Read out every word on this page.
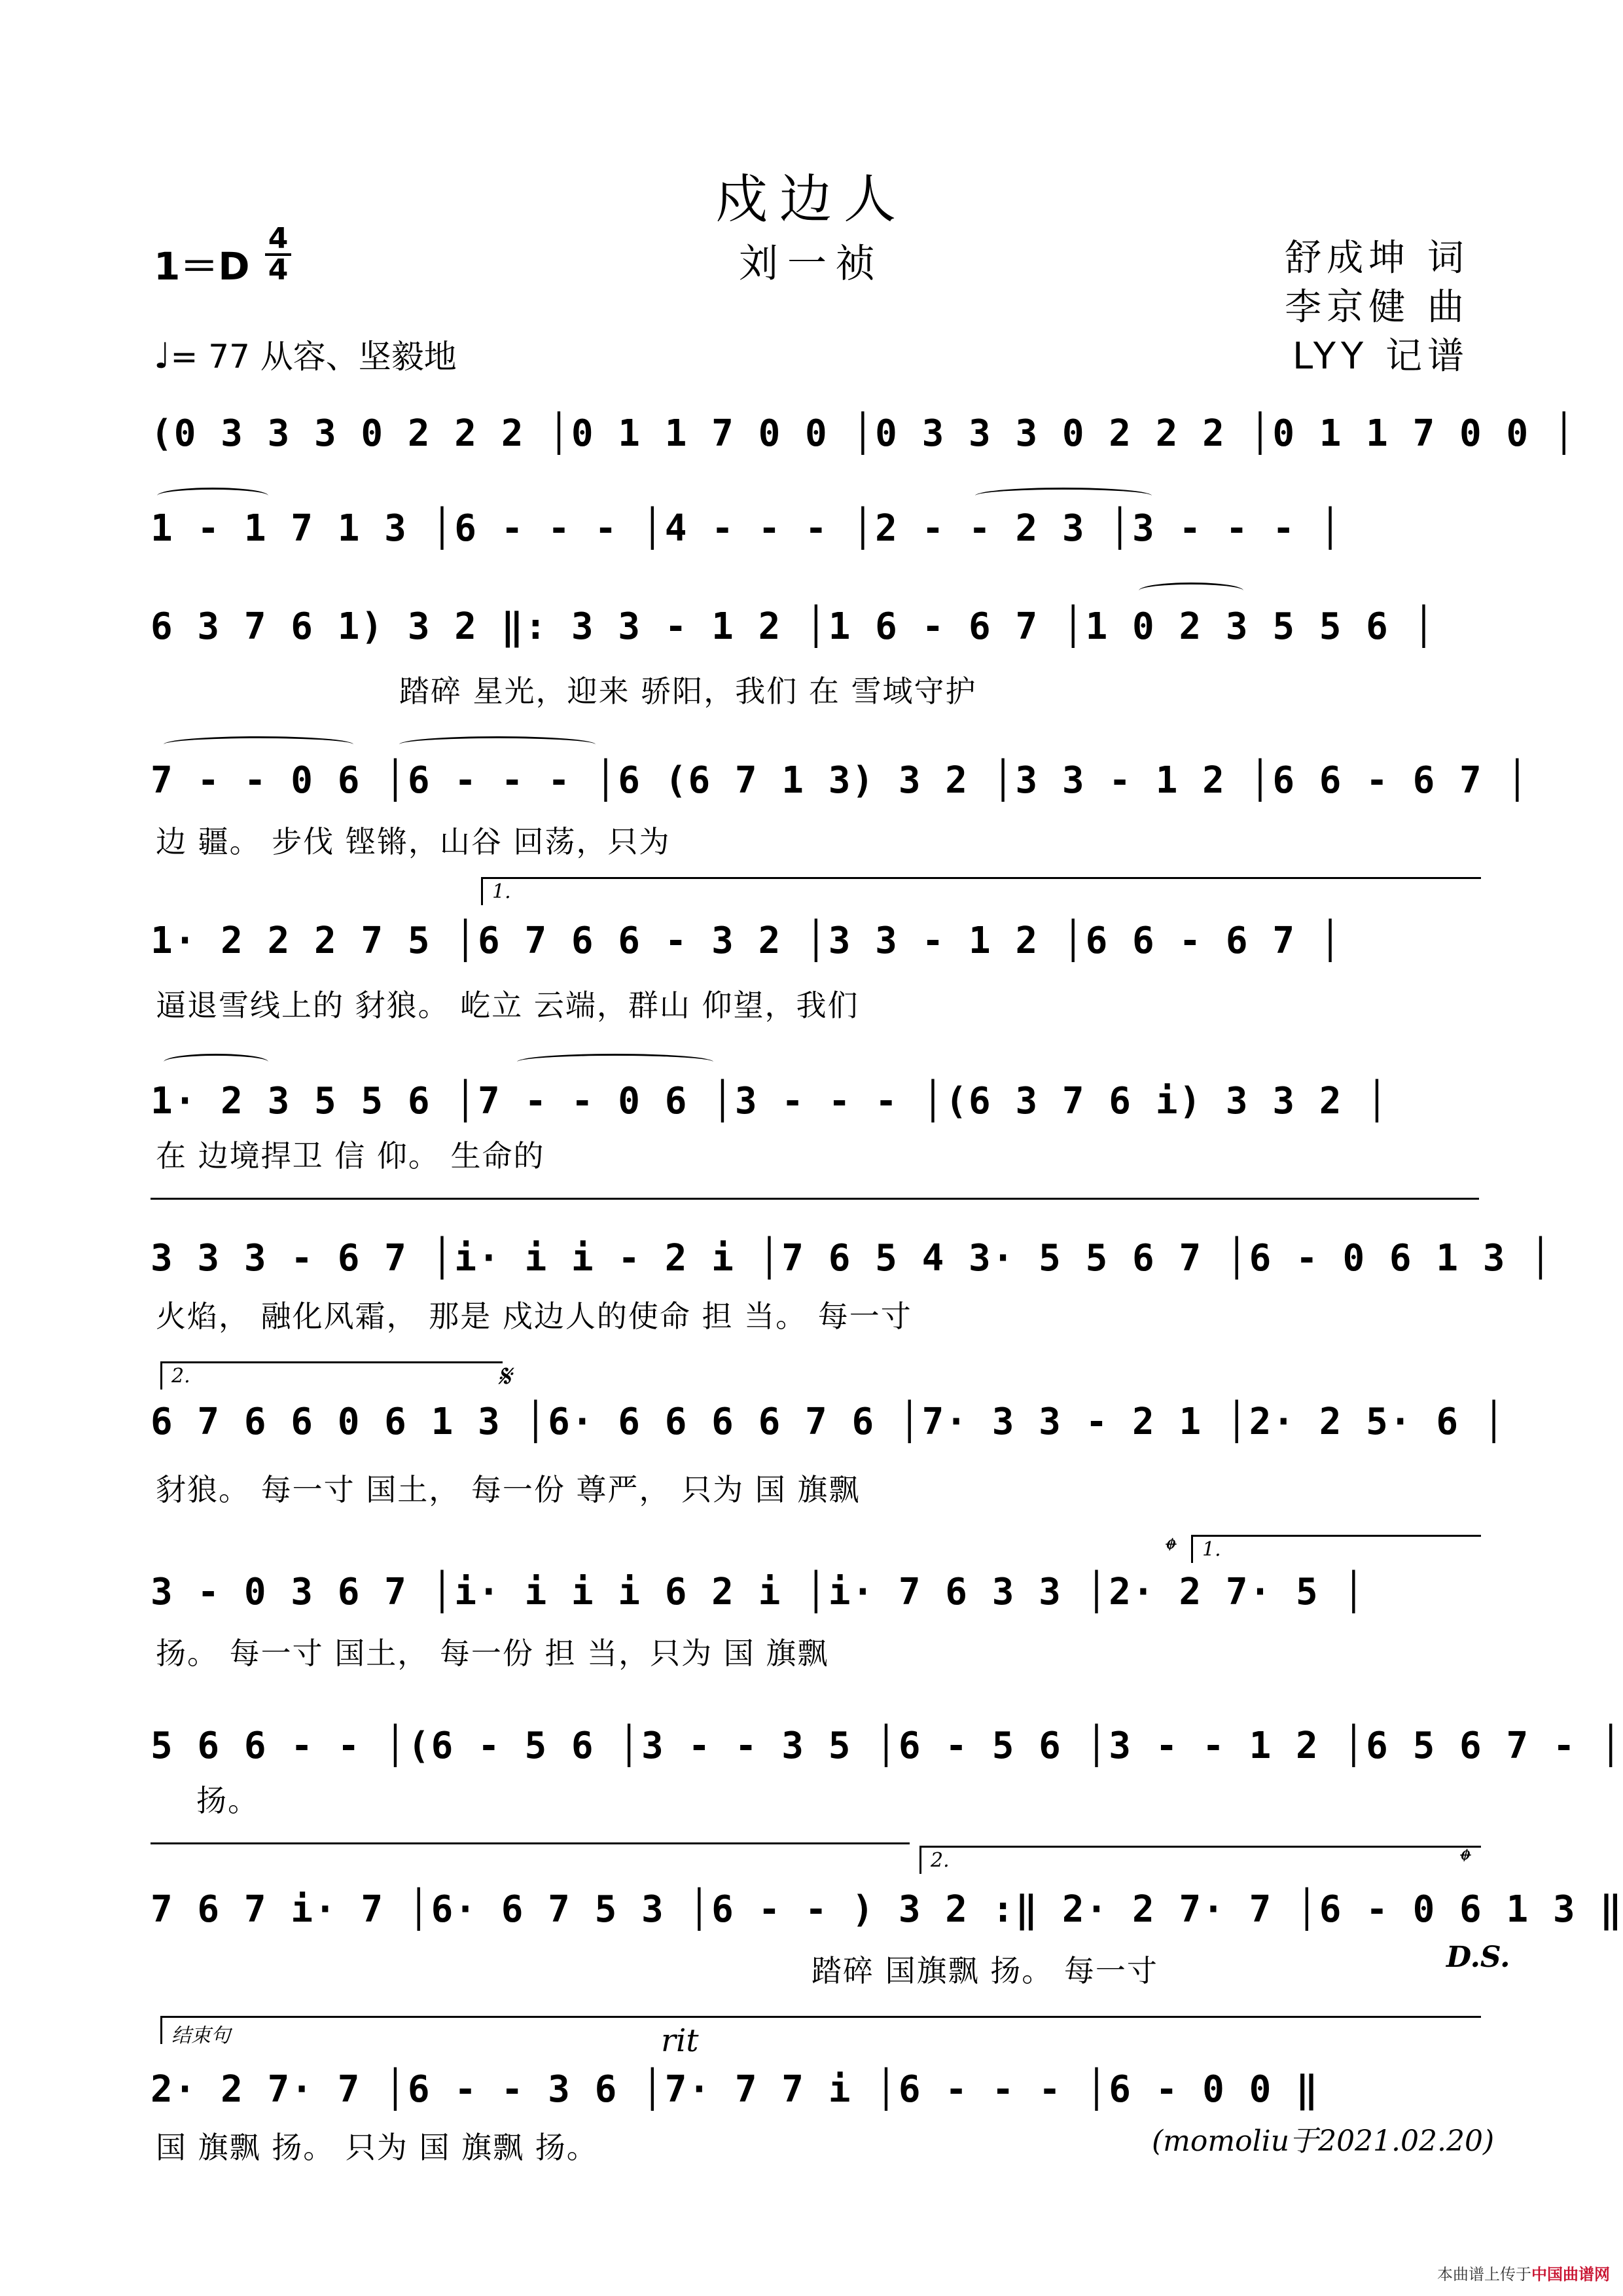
戍边人
刘一祯
1＝D
4
4	舒成坤 词
李京健 曲
LYY 记谱
♩= 77 从容、坚毅地
(0 3 3 3 0 2 2 2 │0 1 1 7 0 0 │0 3 3 3 0 2 2 2 │0 1 1 7 0 0 │
1 - 1 7 1 3 │6 - - - │4 - - - │2 - - 2 3 │3 - - - │
6 3 7 6 1) 3 2 ‖: 3 3 - 1 2 │1 6 - 6 7 │1 0 2 3 5 5 6 │
踏碎 星光，迎来 骄阳，我们 在 雪域守护
7 - - 0 6 │6 - - - │6 (6 7 1 3) 3 2 │3 3 - 1 2 │6 6 - 6 7 │
边 疆。 步伐 铿锵，山谷 回荡，只为
1.
1· 2 2 2 7 5 │6 7 6 6 - 3 2 │3 3 - 1 2 │6 6 - 6 7 │
逼退雪线上的 豺狼。 屹立 云端，群山 仰望，我们
1· 2 3 5 5 6 │7 - - 0 6 │3 - - - │(6 3 7 6 i) 3 3 2 │
在 边境捍卫 信 仰。 生命的
3 3 3 - 6 7 │i· i i - 2 i │7 6 5 4 3· 5 5 6 7 │6 - 0 6 1 3 │
火焰， 融化风霜， 那是 戍边人的使命 担 当。 每一寸
2.	𝄋
6 7 6 6 0 6 1 3 │6· 6 6 6 6 7 6 │7· 3 3 - 2 1 │2· 2 5· 6 │
豺狼。 每一寸 国土， 每一份 尊严， 只为 国 旗飘
𝄌 1.
3 - 0 3 6 7 │i· i i i 6 2 i │i· 7 6 3 3 │2· 2 7· 5 │
扬。 每一寸 国土， 每一份 担 当，只为 国 旗飘
5 6 6 - - │(6 - 5 6 │3 - - 3 5 │6 - 5 6 │3 - - 1 2 │6 5 6 7 - │
扬。
2.	𝄌
7 6 7 i· 7 │6· 6 7 5 3 │6 - - ) 3 2 :‖ 2· 2 7· 7 │6 - 0 6 1 3 ‖
踏碎 国旗飘 扬。 每一寸	D.S.
结束句	rit
2· 2 7· 7 │6 - - 3 6 │7· 7 7 i │6 - - - │6 - 0 0 ‖
国 旗飘 扬。 只为 国 旗飘 扬。	(momoliu于2021.02.20)
本曲谱上传于中国曲谱网
